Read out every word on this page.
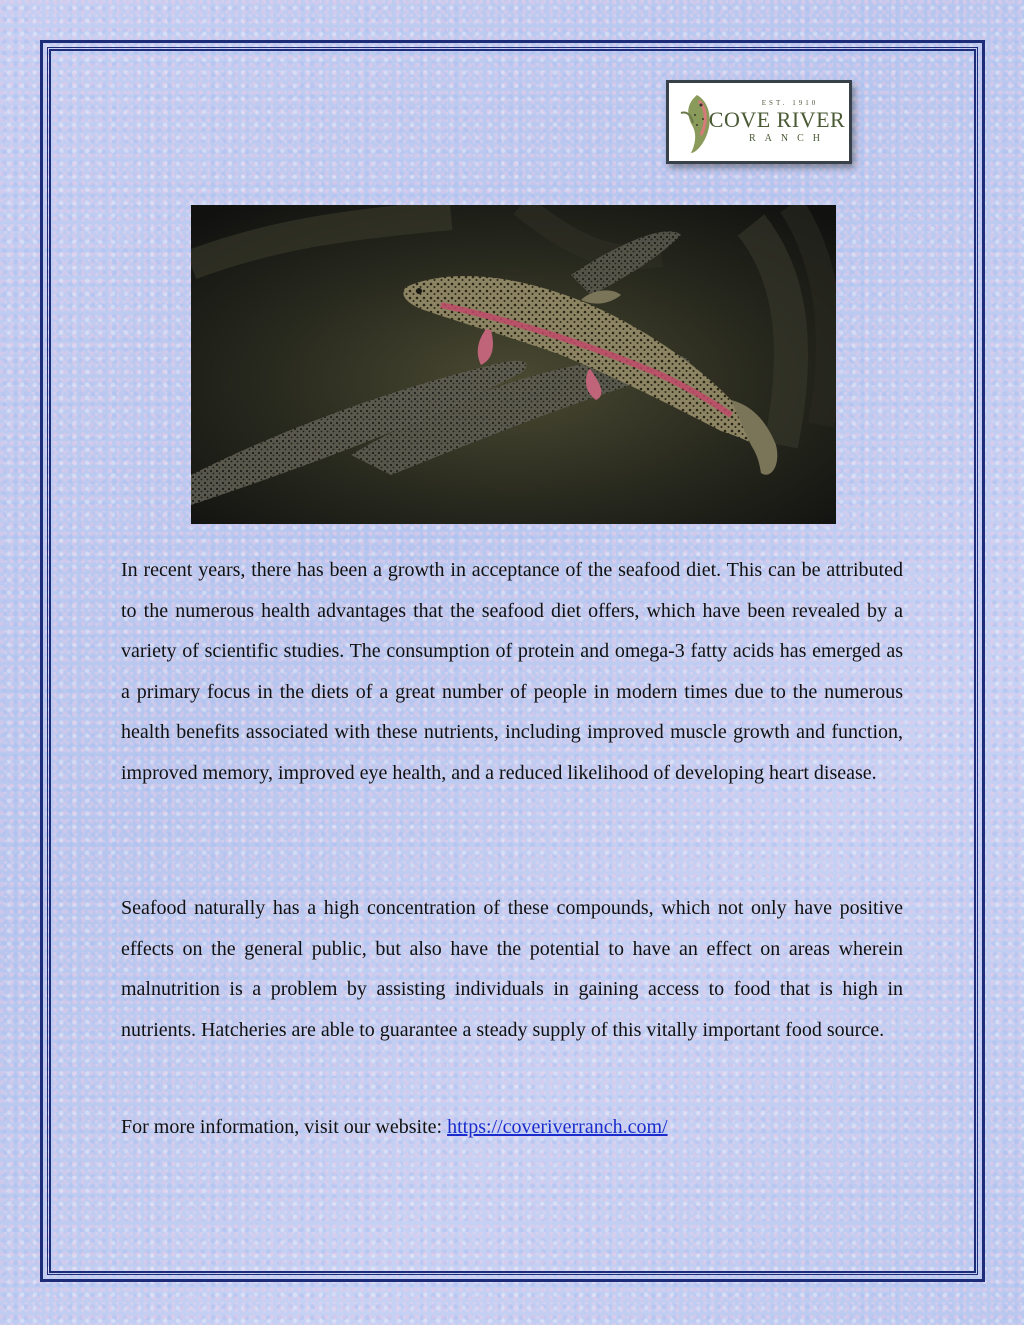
EST. 1910
COVE RIVER
RANCH

In recent years, there has been a growth in acceptance of the seafood diet. This can be attributed to the numerous health advantages that the seafood diet offers, which have been revealed by a variety of scientific studies. The consumption of protein and omega-3 fatty acids has emerged as a primary focus in the diets of a great number of people in modern times due to the numerous health benefits associated with these nutrients, including improved muscle growth and function, improved memory, improved eye health, and a reduced likelihood of developing heart disease.

Seafood naturally has a high concentration of these compounds, which not only have positive effects on the general public, but also have the potential to have an effect on areas wherein malnutrition is a problem by assisting individuals in gaining access to food that is high in nutrients. Hatcheries are able to guarantee a steady supply of this vitally important food source.

For more information, visit our website: https://coveriverranch.com/
